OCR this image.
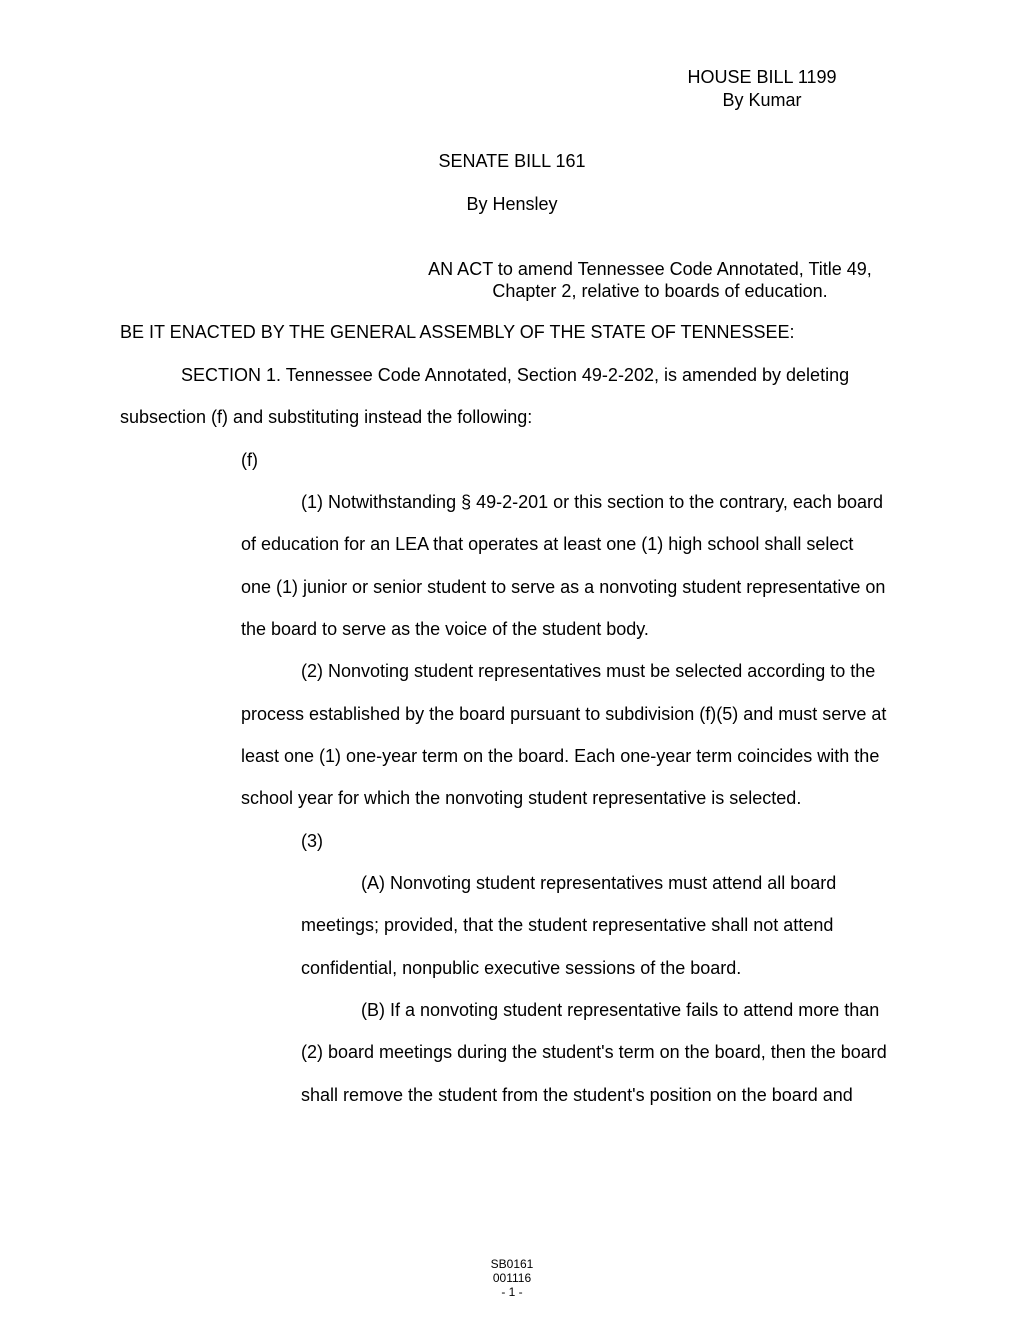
HOUSE BILL 1199
By Kumar
SENATE BILL 161
By Hensley
AN ACT to amend Tennessee Code Annotated, Title 49,
Chapter 2, relative to boards of education.
BE IT ENACTED BY THE GENERAL ASSEMBLY OF THE STATE OF TENNESSEE:
SECTION 1. Tennessee Code Annotated, Section 49-2-202, is amended by deleting
subsection (f) and substituting instead the following:
(f)
(1) Notwithstanding § 49-2-201 or this section to the contrary, each board
of education for an LEA that operates at least one (1) high school shall select
one (1) junior or senior student to serve as a nonvoting student representative on
the board to serve as the voice of the student body.
(2) Nonvoting student representatives must be selected according to the
process established by the board pursuant to subdivision (f)(5) and must serve at
least one (1) one-year term on the board. Each one-year term coincides with the
school year for which the nonvoting student representative is selected.
(3)
(A) Nonvoting student representatives must attend all board
meetings; provided, that the student representative shall not attend
confidential, nonpublic executive sessions of the board.
(B) If a nonvoting student representative fails to attend more than
(2) board meetings during the student's term on the board, then the board
shall remove the student from the student's position on the board and
SB0161
001116
- 1 -
